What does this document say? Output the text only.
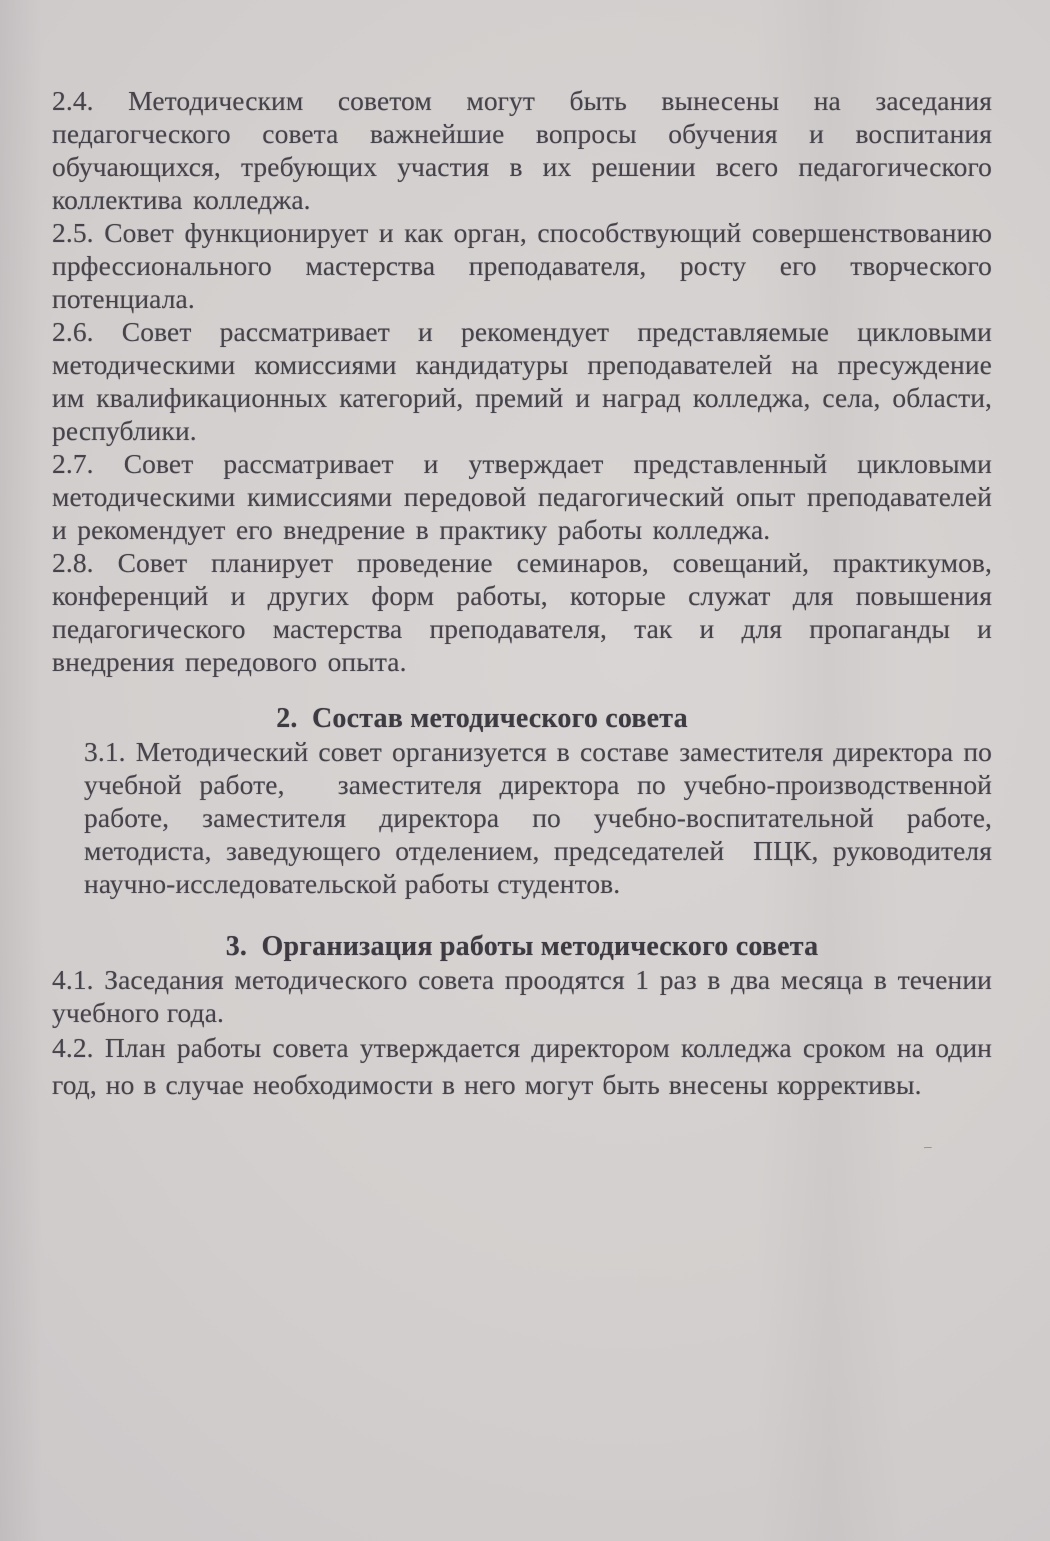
2.4. Методическим советом могут быть вынесены на заседания педагогческого совета важнейшие вопросы обучения и воспитания обучающихся, требующих участия в их решении всего педагогического коллектива колледжа.

2.5. Совет функционирует и как орган, способствующий совершенствованию прфессионального мастерства преподавателя, росту его творческого потенциала.

2.6. Совет рассматривает и рекомендует представляемые цикловыми методическими комиссиями кандидатуры преподавателей на пресуждение им квалификационных категорий, премий и наград колледжа, села, области, республики.

2.7. Совет рассматривает и утверждает представленный цикловыми методическими кимиссиями передовой педагогический опыт преподавателей и рекомендует его внедрение в практику работы колледжа.

2.8. Совет планирует проведение семинаров, совещаний, практикумов, конференций и других форм работы, которые служат для повышения педагогического мастерства преподавателя, так и для пропаганды и внедрения передового опыта.

2.  Состав методического совета

3.1. Методический совет организуется в составе заместителя директора по учебной работе,   заместителя директора по учебно-производственной работе, заместителя директора по учебно-воспитательной работе, методиста, заведующего отделением, председателей  ПЦК, руководителя научно-исследовательской работы студентов.

3.  Организация работы методического совета

4.1. Заседания методического совета проодятся 1 раз в два месяца в течении учебного года.

4.2. План работы совета утверждается директором колледжа сроком на один год, но в случае необходимости в него могут быть внесены коррективы.

–
